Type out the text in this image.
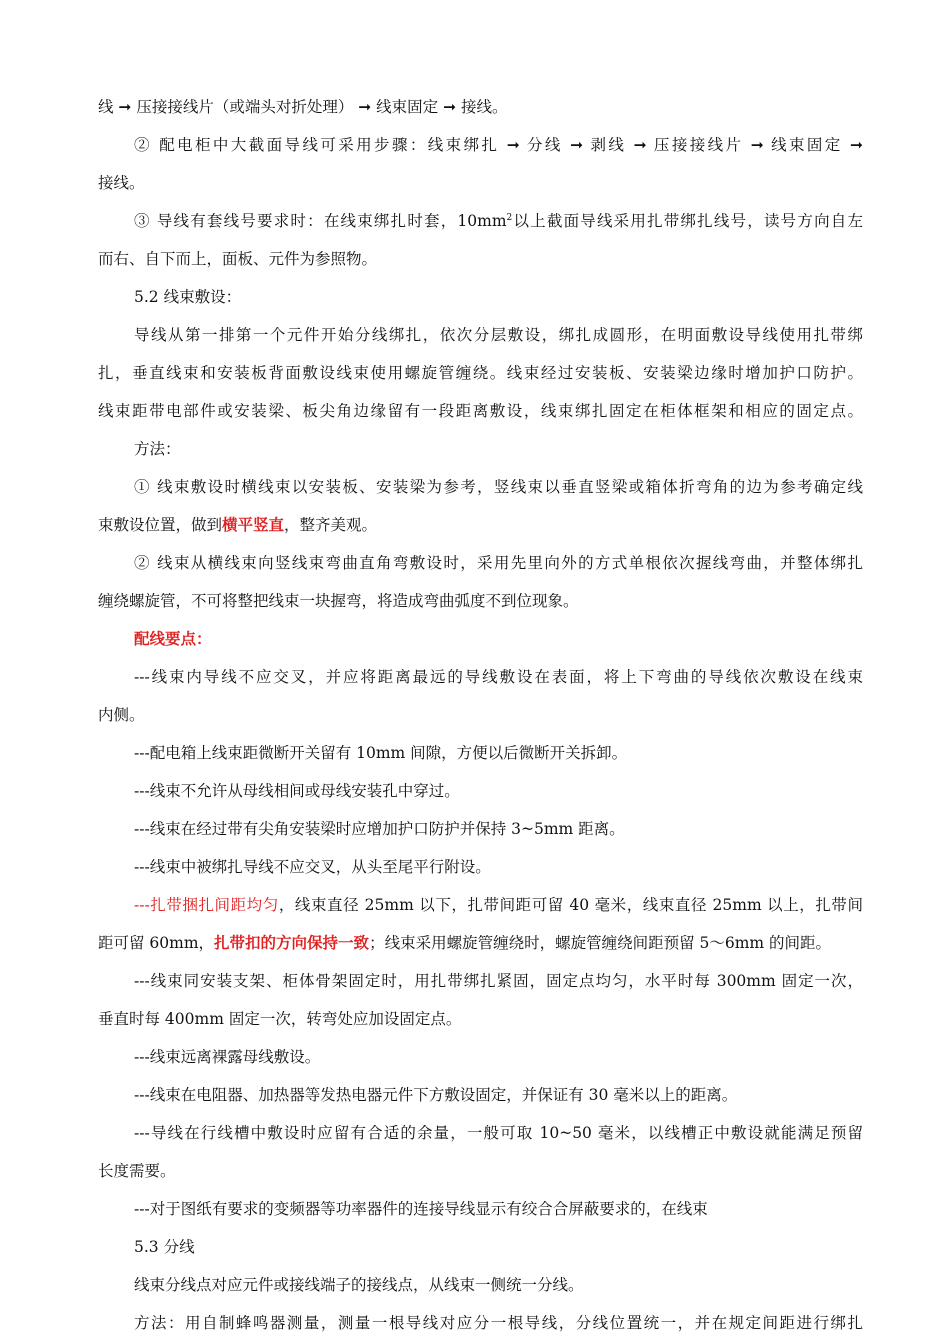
线 ➞ 压接接线片（或端头对折处理） ➞ 线束固定 ➞ 接线。
② 配电柜中大截面导线可采用步骤：线束绑扎 ➞ 分线 ➞ 剥线 ➞ 压接接线片 ➞ 线束固定 ➞
接线。
③ 导线有套线号要求时：在线束绑扎时套，$10mm^2$以上截面导线采用扎带绑扎线号，读号方向自左
而右、自下而上，面板、元件为参照物。
5.2 线束敷设：
导线从第一排第一个元件开始分线绑扎，依次分层敷设，绑扎成圆形，在明面敷设导线使用扎带绑
扎，垂直线束和安装板背面敷设线束使用螺旋管缠绕。线束经过安装板、安装梁边缘时增加护口防护。
线束距带电部件或安装梁、板尖角边缘留有一段距离敷设，线束绑扎固定在柜体框架和相应的固定点。
方法：
① 线束敷设时横线束以安装板、安装梁为参考，竖线束以垂直竖梁或箱体折弯角的边为参考确定线
束敷设位置，做到横平竖直，整齐美观。
② 线束从横线束向竖线束弯曲直角弯敷设时，采用先里向外的方式单根依次握线弯曲，并整体绑扎
缠绕螺旋管，不可将整把线束一块握弯，将造成弯曲弧度不到位现象。
配线要点：
---线束内导线不应交叉，并应将距离最远的导线敷设在表面，将上下弯曲的导线依次敷设在线束
内侧。
---配电箱上线束距微断开关留有 10mm 间隙，方便以后微断开关拆卸。
---线束不允许从母线相间或母线安装孔中穿过。
---线束在经过带有尖角安装梁时应增加护口防护并保持 3~5mm 距离。
---线束中被绑扎导线不应交叉，从头至尾平行附设。
---扎带捆扎间距均匀，线束直径 25mm 以下，扎带间距可留 40 毫米，线束直径 25mm 以上，扎带间
距可留 60mm，扎带扣的方向保持一致；线束采用螺旋管缠绕时，螺旋管缠绕间距预留 5～6mm 的间距。
---线束同安装支架、柜体骨架固定时，用扎带绑扎紧固，固定点均匀，水平时每 300mm 固定一次，
垂直时每 400mm 固定一次，转弯处应加设固定点。
---线束远离裸露母线敷设。
---线束在电阻器、加热器等发热电器元件下方敷设固定，并保证有 30 毫米以上的距离。
---导线在行线槽中敷设时应留有合适的余量，一般可取 10~50 毫米，以线槽正中敷设就能满足预留
长度需要。
---对于图纸有要求的变频器等功率器件的连接导线显示有绞合合屏蔽要求的，在线束
5.3 分线
线束分线点对应元件或接线端子的接线点，从线束一侧统一分线。
方法：用自制蜂鸣器测量，测量一根导线对应分一根导线，分线位置统一，并在规定间距进行绑扎
